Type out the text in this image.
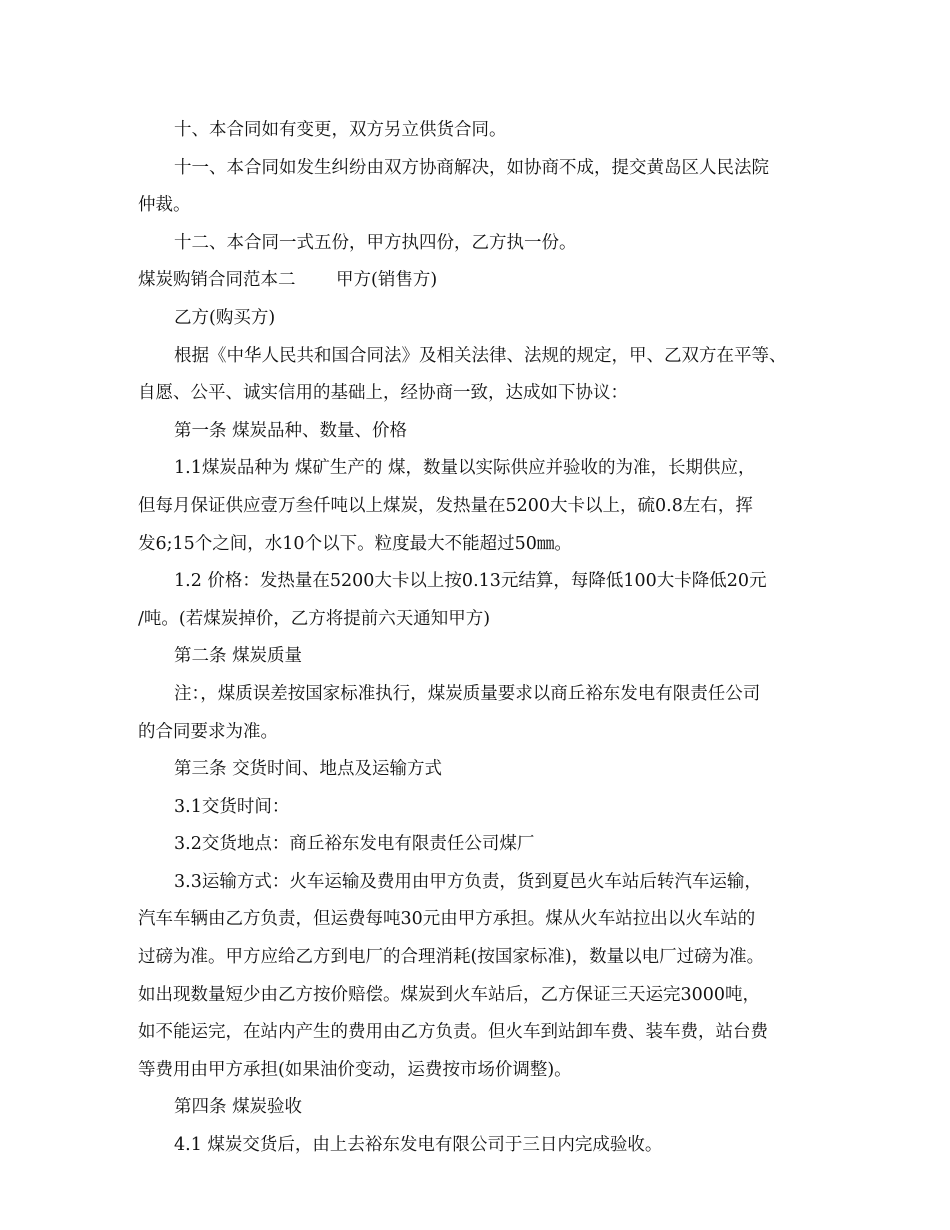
十、本合同如有变更，双方另立供货合同。
十一、本合同如发生纠纷由双方协商解决，如协商不成，提交黄岛区人民法院
仲裁。
十二、本合同一式五份，甲方执四份，乙方执一份。
煤炭购销合同范本二　　 甲方(销售方)
乙方(购买方)
根据《中华人民共和国合同法》及相关法律、法规的规定，甲、乙双方在平等、
自愿、公平、诚实信用的基础上，经协商一致，达成如下协议：
第一条 煤炭品种、数量、价格
1.1煤炭品种为 煤矿生产的 煤，数量以实际供应并验收的为准，长期供应，
但每月保证供应壹万叁仟吨以上煤炭，发热量在5200大卡以上，硫0.8左右，挥
发6;15个之间，水10个以下。粒度最大不能超过50㎜。
1.2 价格：发热量在5200大卡以上按0.13元结算，每降低100大卡降低20元
/吨。(若煤炭掉价，乙方将提前六天通知甲方)
第二条 煤炭质量
注：，煤质误差按国家标准执行，煤炭质量要求以商丘裕东发电有限责任公司
的合同要求为准。
第三条 交货时间、地点及运输方式
3.1交货时间：
3.2交货地点：商丘裕东发电有限责任公司煤厂
3.3运输方式：火车运输及费用由甲方负责，货到夏邑火车站后转汽车运输，
汽车车辆由乙方负责，但运费每吨30元由甲方承担。煤从火车站拉出以火车站的
过磅为准。甲方应给乙方到电厂的合理消耗(按国家标准)，数量以电厂过磅为准。
如出现数量短少由乙方按价赔偿。煤炭到火车站后，乙方保证三天运完3000吨，
如不能运完，在站内产生的费用由乙方负责。但火车到站卸车费、装车费，站台费
等费用由甲方承担(如果油价变动，运费按市场价调整)。
第四条 煤炭验收
4.1 煤炭交货后，由上去裕东发电有限公司于三日内完成验收。
